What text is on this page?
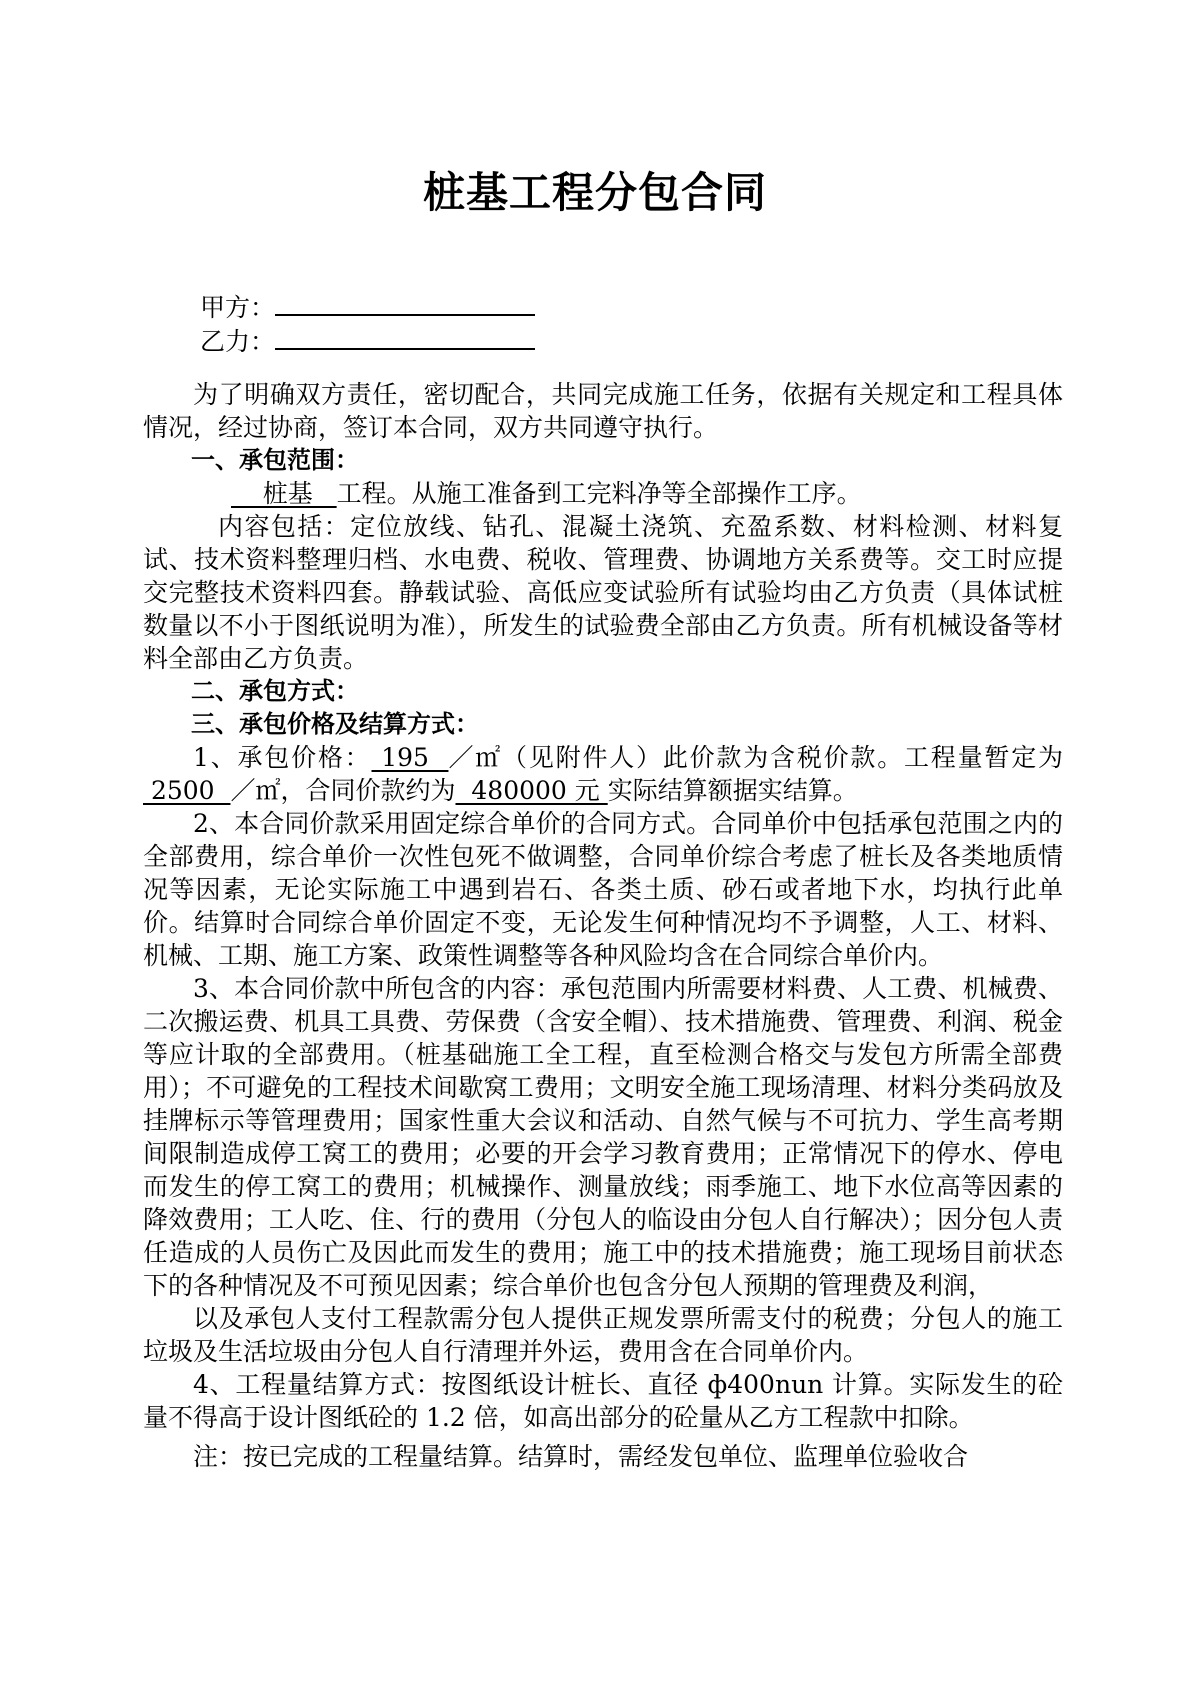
桩基工程分包合同
甲方：
乙力：

为了明确双方责任，密切配合，共同完成施工任务，依据有关规定和工程具体情况，经过协商，签订本合同，双方共同遵守执行。

一、承包范围：

桩基   工程。从施工准备到工完料净等全部操作工序。

内容包括：定位放线、钻孔、混凝土浇筑、充盈系数、材料检测、材料复试、技术资料整理归档、水电费、税收、管理费、协调地方关系费等。交工时应提交完整技术资料四套。静载试验、高低应变试验所有试验均由乙方负责（具体试桩数量以不小于图纸说明为准），所发生的试验费全部由乙方负责。所有机械设备等材料全部由乙方负责。

二、承包方式：

三、承包价格及结算方式：

1、承包价格： 195  ／㎡（见附件人）此价款为含税价款。工程量暂定为 2500  ／㎡，合同价款约为  480000 元 实际结算额据实结算。

2、本合同价款采用固定综合单价的合同方式。合同单价中包括承包范围之内的全部费用，综合单价一次性包死不做调整，合同单价综合考虑了桩长及各类地质情况等因素，无论实际施工中遇到岩石、各类土质、砂石或者地下水，均执行此单价。结算时合同综合单价固定不变，无论发生何种情况均不予调整，人工、材料、机械、工期、施工方案、政策性调整等各种风险均含在合同综合单价内。

3、本合同价款中所包含的内容：承包范围内所需要材料费、人工费、机械费、二次搬运费、机具工具费、劳保费（含安全帽）、技术措施费、管理费、利润、税金等应计取的全部费用。（桩基础施工全工程，直至检测合格交与发包方所需全部费用）；不可避免的工程技术间歇窝工费用；文明安全施工现场清理、材料分类码放及挂牌标示等管理费用；国家性重大会议和活动、自然气候与不可抗力、学生高考期间限制造成停工窝工的费用；必要的开会学习教育费用；正常情况下的停水、停电而发生的停工窝工的费用；机械操作、测量放线；雨季施工、地下水位高等因素的降效费用；工人吃、住、行的费用（分包人的临设由分包人自行解决）；因分包人责任造成的人员伤亡及因此而发生的费用；施工中的技术措施费；施工现场目前状态下的各种情况及不可预见因素；综合单价也包含分包人预期的管理费及利润，

以及承包人支付工程款需分包人提供正规发票所需支付的税费；分包人的施工垃圾及生活垃圾由分包人自行清理并外运，费用含在合同单价内。

4、工程量结算方式：按图纸设计桩长、直径 ф400nun 计算。实际发生的砼量不得高于设计图纸砼的 1.2 倍，如高出部分的砼量从乙方工程款中扣除。

注：按已完成的工程量结算。结算时，需经发包单位、监理单位验收合
